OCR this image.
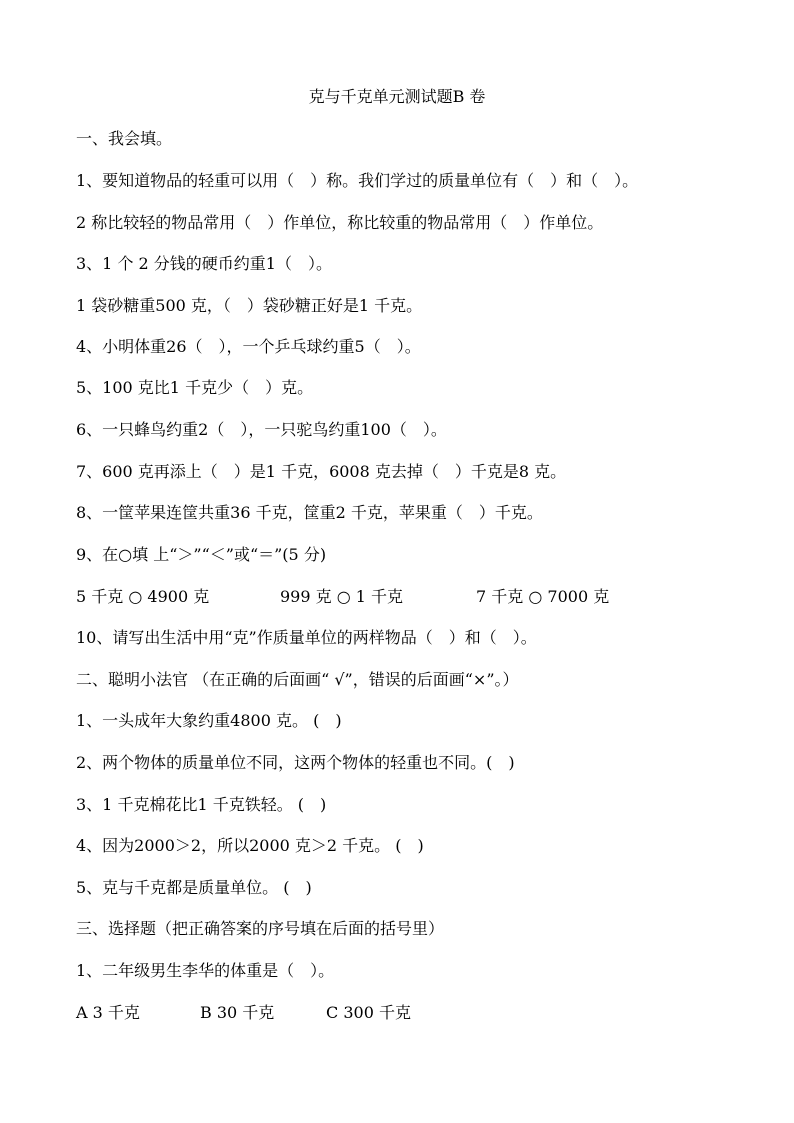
克与千克单元测试题B 卷
一、我会填。
1、要知道物品的轻重可以用（　）称。我们学过的质量单位有（　）和（　）。
2 称比较轻的物品常用（　）作单位，称比较重的物品常用（　）作单位。
3、1 个 2 分钱的硬币约重1（　）。
1 袋砂糖重500 克，（　）袋砂糖正好是1 千克。
4、小明体重26（　），一个乒乓球约重5（　）。
5、100 克比1 千克少（　）克。
6、一只蜂鸟约重2（　），一只驼鸟约重100（　）。
7、600 克再添上（　）是1 千克，6008 克去掉（　）千克是8 克。
8、一筐苹果连筐共重36 千克，筐重2 千克，苹果重（　）千克。
9、在○填 上“＞”“＜”或“＝”(5 分)
5 千克 ○ 4900 克	999 克 ○ 1 千克	7 千克 ○ 7000 克
10、请写出生活中用“克”作质量单位的两样物品（　）和（　）。
二、聪明小法官 （在正确的后面画“ √”，错误的后面画“×”。）
1、一头成年大象约重4800 克。 (　)
2、两个物体的质量单位不同，这两个物体的轻重也不同。(　)
3、1 千克棉花比1 千克铁轻。 (　)
4、因为2000＞2，所以2000 克＞2 千克。 (　)
5、克与千克都是质量单位。 (　)
三、选择题（把正确答案的序号填在后面的括号里）
1、二年级男生李华的体重是（　）。
A 3 千克	B 30 千克	C 300 千克
